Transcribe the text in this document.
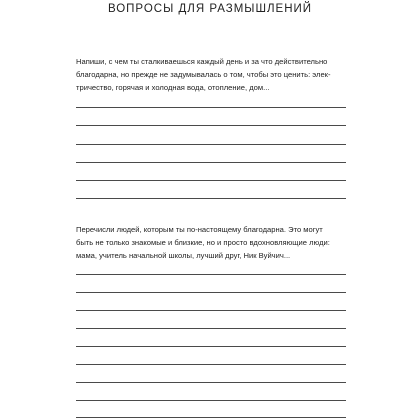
ВОПРОСЫ ДЛЯ РАЗМЫШЛЕНИЙ
Напиши, с чем ты сталкиваешься каждый день и за что действительно
благодарна, но прежде не задумывалась о том, чтобы это ценить: элек-
тричество, горячая и холодная вода, отопление, дом...
Перечисли людей, которым ты по-настоящему благодарна. Это могут
быть не только знакомые и близкие, но и просто вдохновляющие люди:
мама, учитель начальной школы, лучший друг, Ник Вуйчич...
